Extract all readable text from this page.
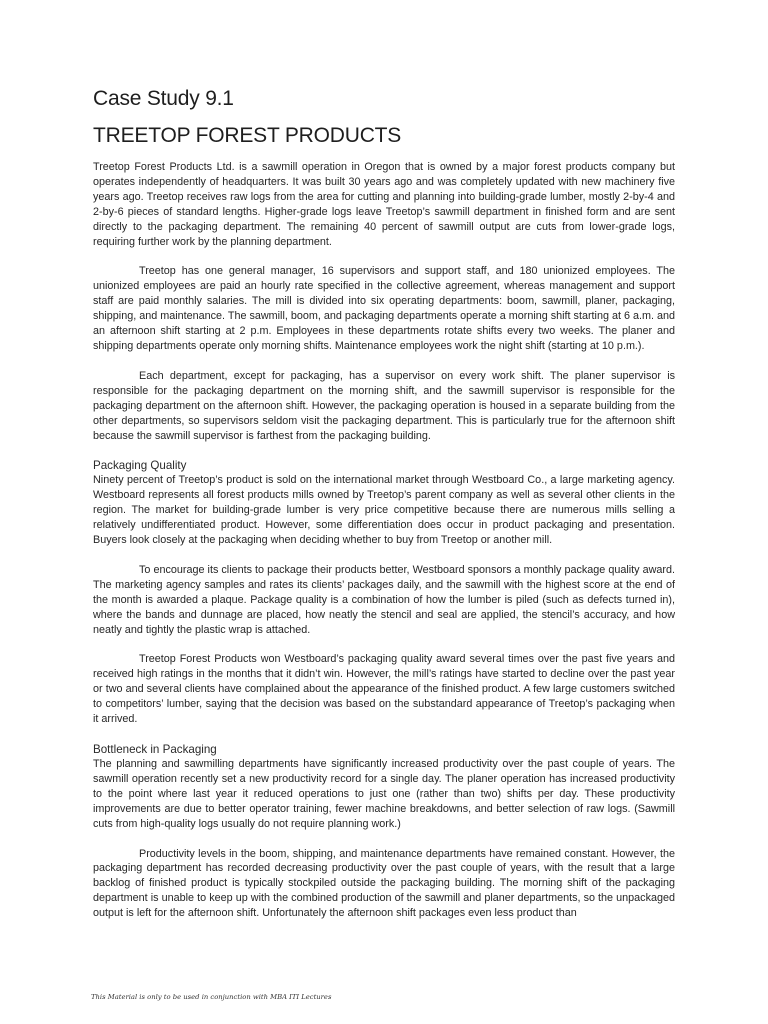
Case Study 9.1
TREETOP FOREST PRODUCTS

Treetop Forest Products Ltd. is a sawmill operation in Oregon that is owned by a major forest products company but operates independently of headquarters. It was built 30 years ago and was completely updated with new machinery five years ago. Treetop receives raw logs from the area for cutting and planning into building-grade lumber, mostly 2-by-4 and 2-by-6 pieces of standard lengths. Higher-grade logs leave Treetop’s sawmill department in finished form and are sent directly to the packaging department. The remaining 40 percent of sawmill output are cuts from lower-grade logs, requiring further work by the planning department.

Treetop has one general manager, 16 supervisors and support staff, and 180 unionized employees. The unionized employees are paid an hourly rate specified in the collective agreement, whereas management and support staff are paid monthly salaries. The mill is divided into six operating departments: boom, sawmill, planer, packaging, shipping, and maintenance. The sawmill, boom, and packaging departments operate a morning shift starting at 6 a.m. and an afternoon shift starting at 2 p.m. Employees in these departments rotate shifts every two weeks. The planer and shipping departments operate only morning shifts. Maintenance employees work the night shift (starting at 10 p.m.).

Each department, except for packaging, has a supervisor on every work shift. The planer supervisor is responsible for the packaging department on the morning shift, and the sawmill supervisor is responsible for the packaging department on the afternoon shift. However, the packaging operation is housed in a separate building from the other departments, so supervisors seldom visit the packaging department. This is particularly true for the afternoon shift because the sawmill supervisor is farthest from the packaging building.

Packaging Quality

Ninety percent of Treetop’s product is sold on the international market through Westboard Co., a large marketing agency. Westboard represents all forest products mills owned by Treetop’s parent company as well as several other clients in the region. The market for building-grade lumber is very price competitive because there are numerous mills selling a relatively undifferentiated product. However, some differentiation does occur in product packaging and presentation. Buyers look closely at the packaging when deciding whether to buy from Treetop or another mill.

To encourage its clients to package their products better, Westboard sponsors a monthly package quality award. The marketing agency samples and rates its clients’ packages daily, and the sawmill with the highest score at the end of the month is awarded a plaque. Package quality is a combination of how the lumber is piled (such as defects turned in), where the bands and dunnage are placed, how neatly the stencil and seal are applied, the stencil’s accuracy, and how neatly and tightly the plastic wrap is attached.

Treetop Forest Products won Westboard’s packaging quality award several times over the past five years and received high ratings in the months that it didn’t win. However, the mill’s ratings have started to decline over the past year or two and several clients have complained about the appearance of the finished product. A few large customers switched to competitors’ lumber, saying that the decision was based on the substandard appearance of Treetop’s packaging when it arrived.

Bottleneck in Packaging

The planning and sawmilling departments have significantly increased productivity over the past couple of years. The sawmill operation recently set a new productivity record for a single day. The planer operation has increased productivity to the point where last year it reduced operations to just one (rather than two) shifts per day. These productivity improvements are due to better operator training, fewer machine breakdowns, and better selection of raw logs. (Sawmill cuts from high-quality logs usually do not require planning work.)

Productivity levels in the boom, shipping, and maintenance departments have remained constant. However, the packaging department has recorded decreasing productivity over the past couple of years, with the result that a large backlog of finished product is typically stockpiled outside the packaging building. The morning shift of the packaging department is unable to keep up with the combined production of the sawmill and planer departments, so the unpackaged output is left for the afternoon shift. Unfortunately the afternoon shift packages even less product than

This Material is only to be used in conjunction with MBA ITI Lectures
